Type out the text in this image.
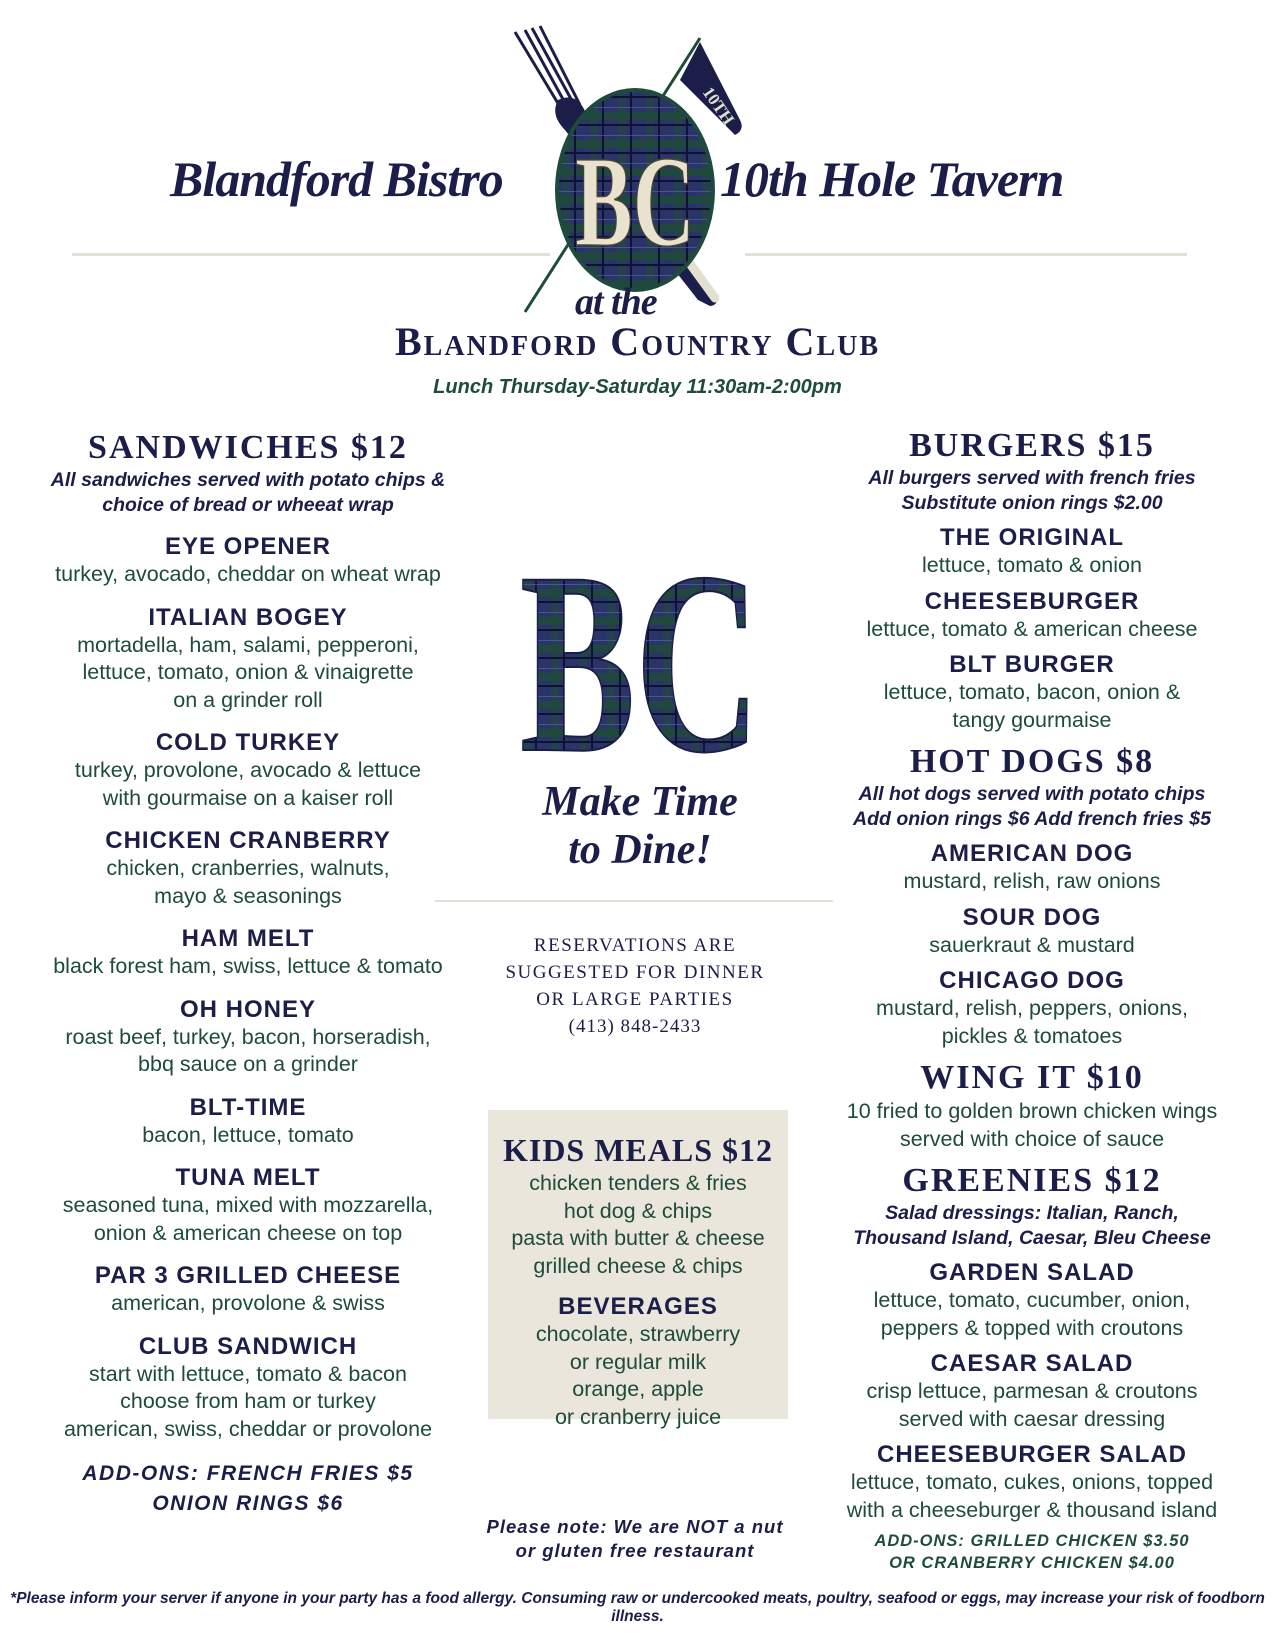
10TH
BC
Blandford Bistro	10th Hole Tavern
at the
Blandford Country Club
Lunch Thursday-Saturday 11:30am-2:00pm
SANDWICHES $12
All sandwiches served with potato chips &
choice of bread or wheeat wrap
EYE OPENER
turkey, avocado, cheddar on wheat wrap
ITALIAN BOGEY
mortadella, ham, salami, pepperoni,
lettuce, tomato, onion & vinaigrette
on a grinder roll
COLD TURKEY
turkey, provolone, avocado & lettuce
with gourmaise on a kaiser roll
CHICKEN CRANBERRY
chicken, cranberries, walnuts,
mayo & seasonings
HAM MELT
black forest ham, swiss, lettuce & tomato
OH HONEY
roast beef, turkey, bacon, horseradish,
bbq sauce on a grinder
BLT-TIME
bacon, lettuce, tomato
TUNA MELT
seasoned tuna, mixed with mozzarella,
onion & american cheese on top
PAR 3 GRILLED CHEESE
american, provolone & swiss
CLUB SANDWICH
start with lettuce, tomato & bacon
choose from ham or turkey
american, swiss, cheddar or provolone
ADD-ONS: FRENCH FRIES $5
ONION RINGS $6
BC
Make Time
to Dine!
RESERVATIONS ARE
SUGGESTED FOR DINNER
OR LARGE PARTIES
(413) 848-2433
KIDS MEALS $12
chicken tenders & fries
hot dog & chips
pasta with butter & cheese
grilled cheese & chips
BEVERAGES
chocolate, strawberry
or regular milk
orange, apple
or cranberry juice
Please note: We are NOT a nut
or gluten free restaurant
BURGERS $15
All burgers served with french fries
Substitute onion rings $2.00
THE ORIGINAL
lettuce, tomato & onion
CHEESEBURGER
lettuce, tomato & american cheese
BLT BURGER
lettuce, tomato, bacon, onion &
tangy gourmaise
HOT DOGS $8
All hot dogs served with potato chips
Add onion rings $6 Add french fries $5
AMERICAN DOG
mustard, relish, raw onions
SOUR DOG
sauerkraut & mustard
CHICAGO DOG
mustard, relish, peppers, onions,
pickles & tomatoes
WING IT $10
10 fried to golden brown chicken wings
served with choice of sauce
GREENIES $12
Salad dressings: Italian, Ranch,
Thousand Island, Caesar, Bleu Cheese
GARDEN SALAD
lettuce, tomato, cucumber, onion,
peppers & topped with croutons
CAESAR SALAD
crisp lettuce, parmesan & croutons
served with caesar dressing
CHEESEBURGER SALAD
lettuce, tomato, cukes, onions, topped
with a cheeseburger & thousand island
ADD-ONS: GRILLED CHICKEN $3.50
OR CRANBERRY CHICKEN $4.00
*Please inform your server if anyone in your party has a food allergy. Consuming raw or undercooked meats, poultry, seafood or eggs, may increase your risk of foodborn illness.
